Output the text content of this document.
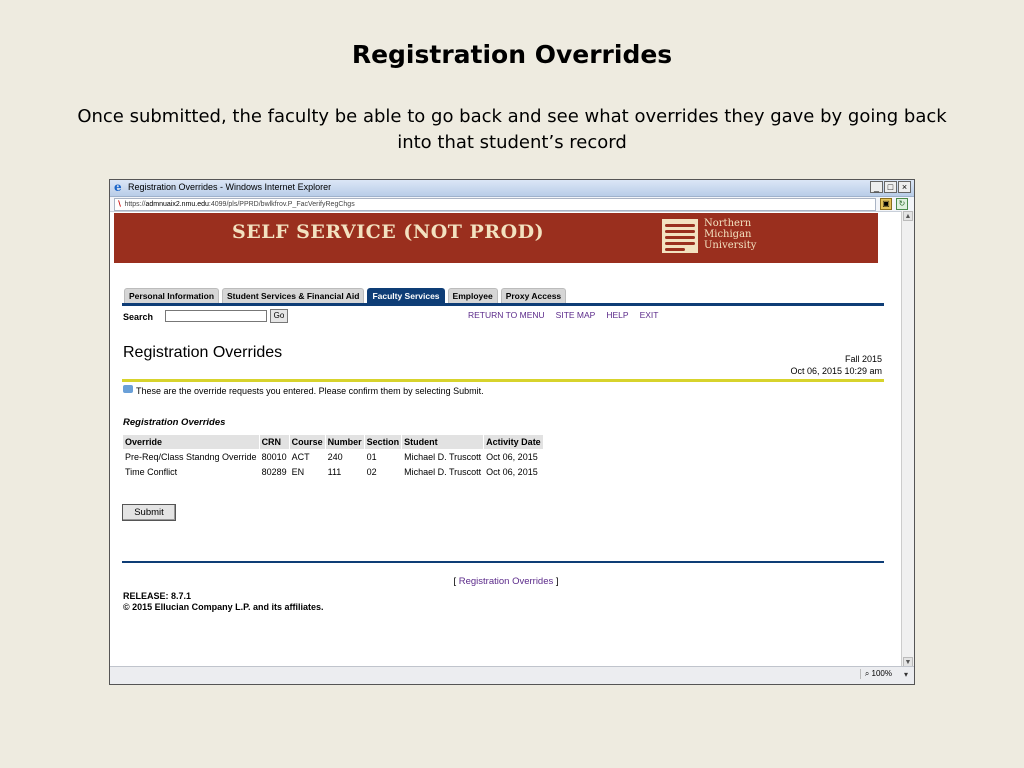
Registration Overrides
Once submitted, the faculty be able to go back and see what overrides they gave by going back into that student’s record
e Registration Overrides - Windows Internet Explorer	_ □ ×
∖ https://admnuaix2.nmu.edu:4099/pls/PPRD/bwlkfrov.P_FacVerifyRegChgs	▣	↻
SELF SERVICE (NOT PROD)	Northern
Michigan
University
Personal Information	Student Services & Financial Aid	Faculty Services	Employee	Proxy Access
Search	Go	RETURN TO MENU SITE MAP HELP EXIT
Registration Overrides	Fall 2015
Oct 06, 2015 10:29 am
These are the override requests you entered. Please confirm them by selecting Submit.
Registration Overrides
Override	CRN	Course	Number	Section	Student	Activity Date
Pre-Req/Class Standng Override	80010	ACT	240	01	Michael D. Truscott	Oct 06, 2015
Time Conflict	80289	EN	111	02	Michael D. Truscott	Oct 06, 2015
Submit
[ Registration Overrides ]
RELEASE: 8.7.1
© 2015 Ellucian Company L.P. and its affiliates.
▲
▼
⌕ 100% ▾
